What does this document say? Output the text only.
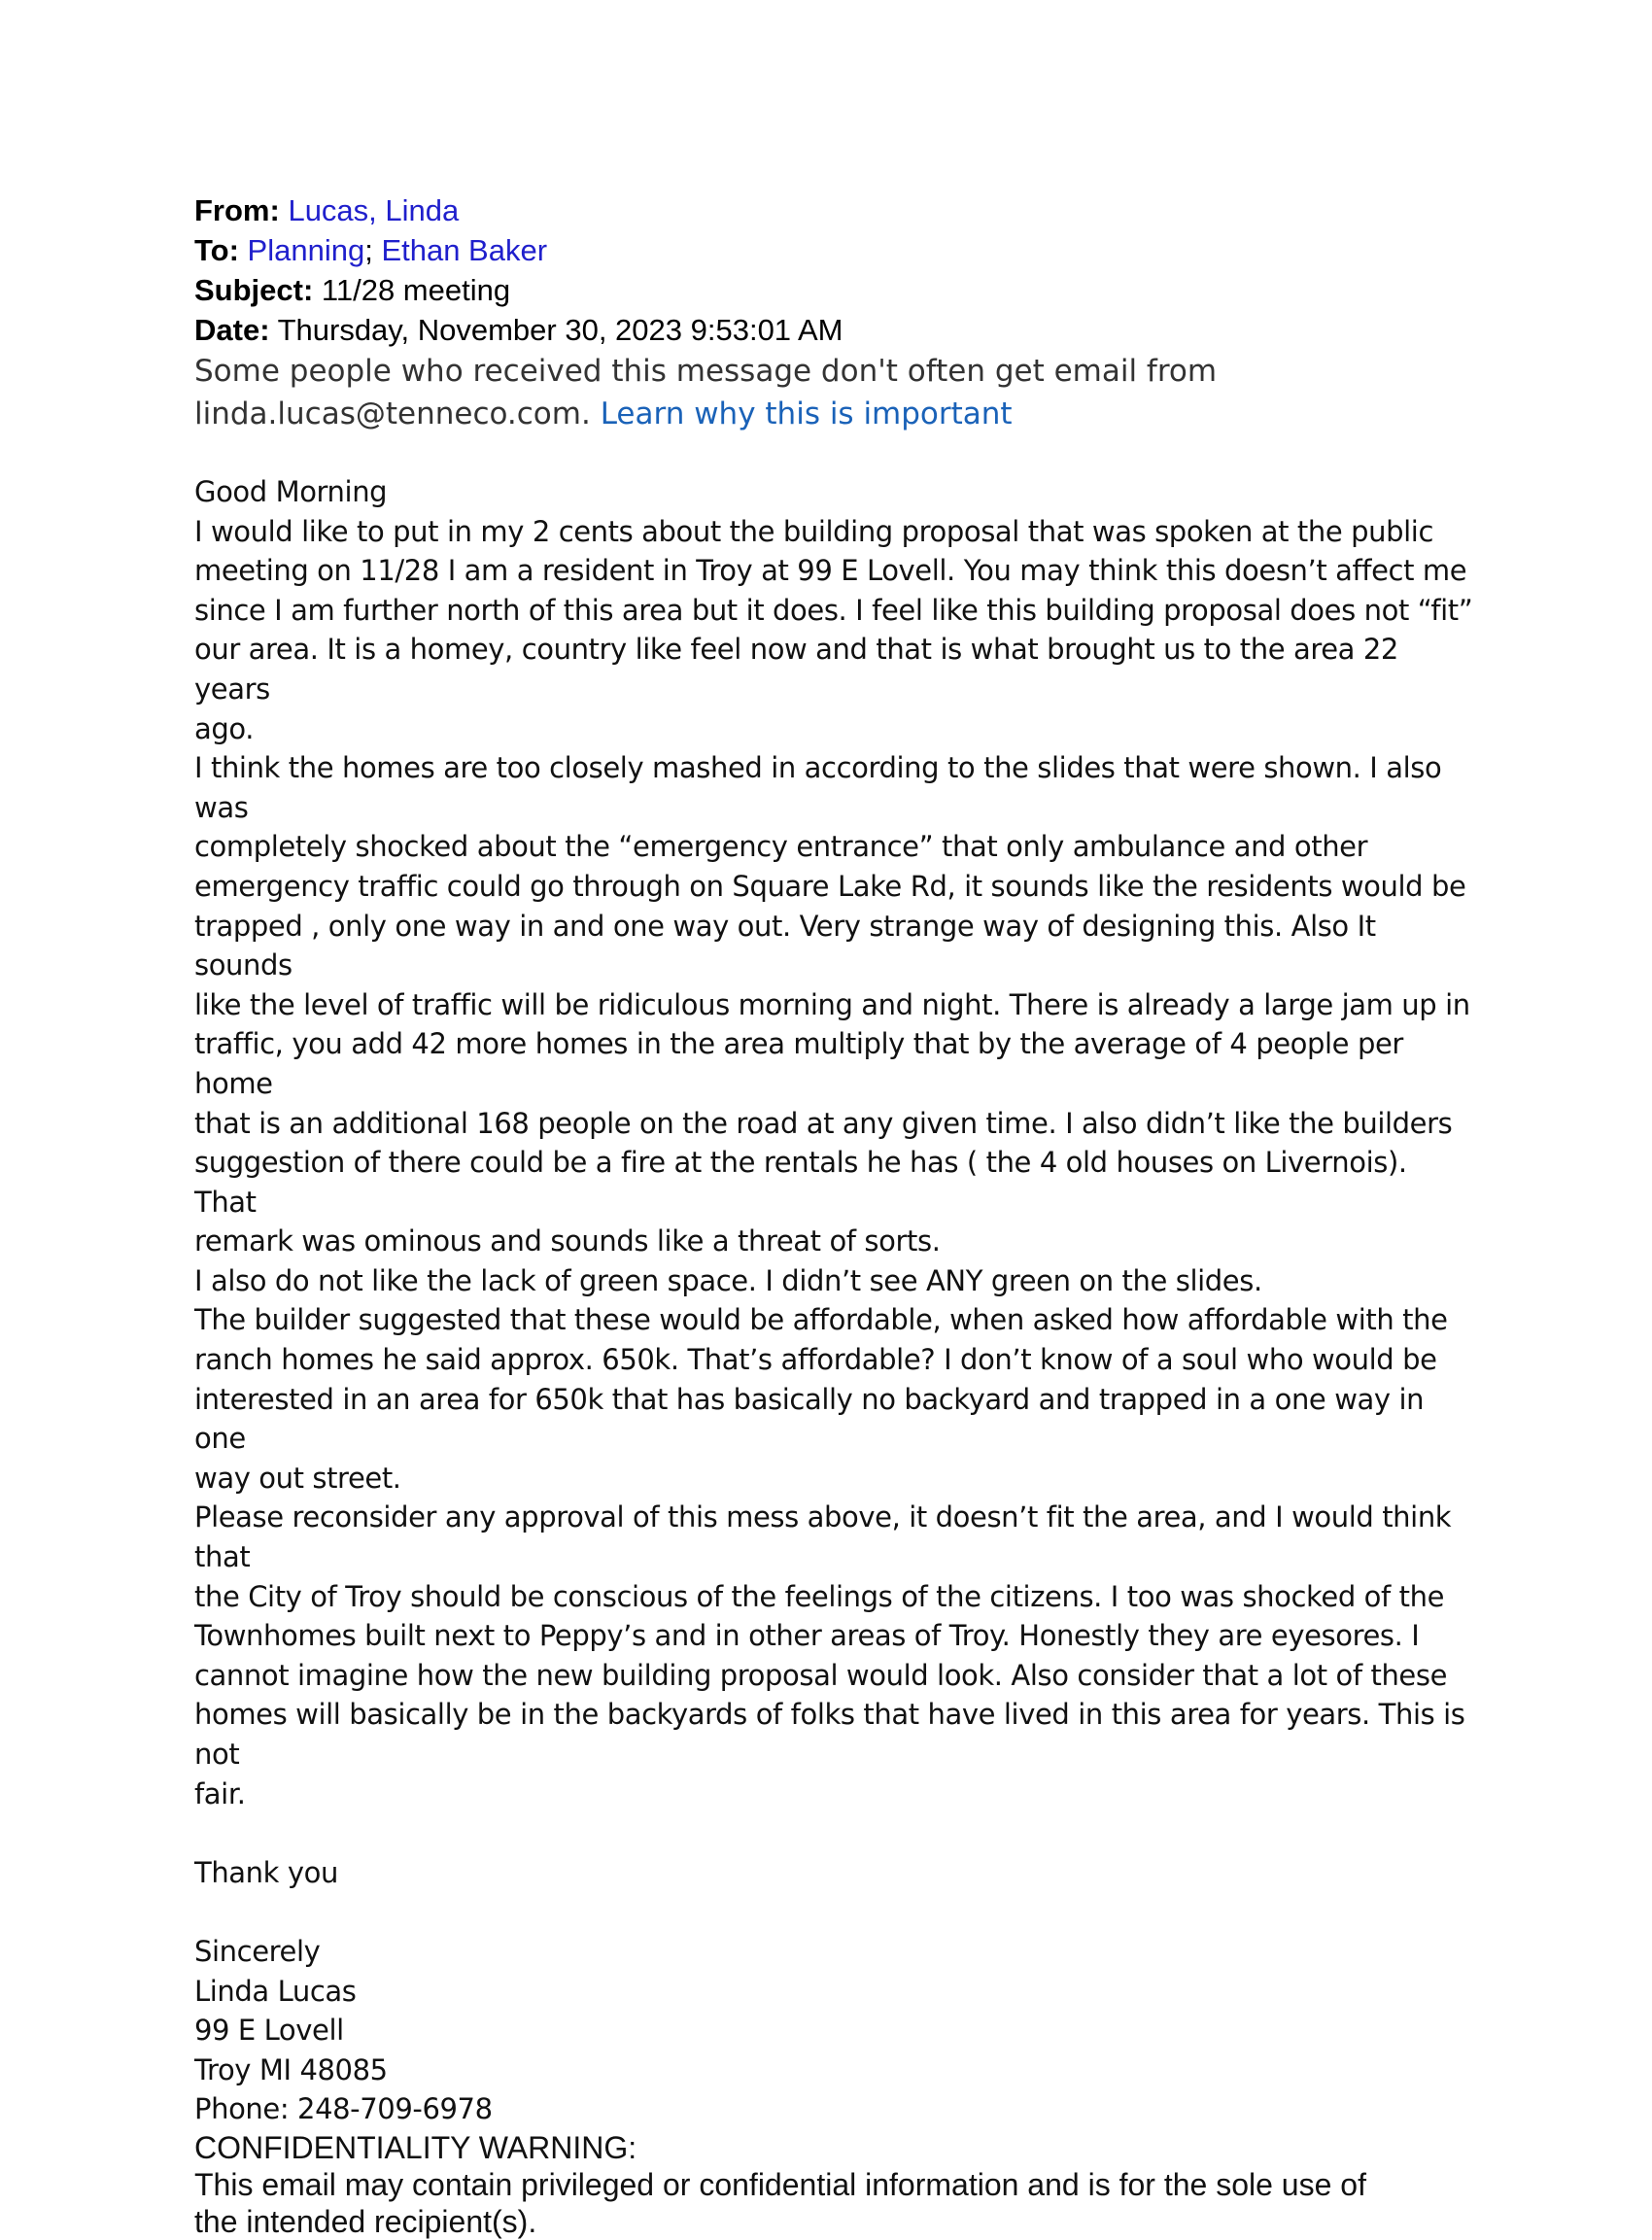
From: Lucas, Linda
To: Planning; Ethan Baker
Subject: 11/28 meeting
Date: Thursday, November 30, 2023 9:53:01 AM
Some people who received this message don't often get email from
linda.lucas@tenneco.com. Learn why this is important

Good Morning

I would like to put in my 2 cents about the building proposal that was spoken at the public

meeting on 11/28 I am a resident in Troy at 99 E Lovell. You may think this doesn’t affect me

since I am further north of this area but it does. I feel like this building proposal does not “fit”

our area. It is a homey, country like feel now and that is what brought us to the area 22 years

ago.

I think the homes are too closely mashed in according to the slides that were shown. I also was

completely shocked about the “emergency entrance” that only ambulance and other

emergency traffic could go through on Square Lake Rd, it sounds like the residents would be

trapped , only one way in and one way out. Very strange way of designing this. Also It sounds

like the level of traffic will be ridiculous morning and night. There is already a large jam up in

traffic, you add 42 more homes in the area multiply that by the average of 4 people per home

that is an additional 168 people on the road at any given time. I also didn’t like the builders

suggestion of there could be a fire at the rentals he has ( the 4 old houses on Livernois). That

remark was ominous and sounds like a threat of sorts.

I also do not like the lack of green space. I didn’t see ANY green on the slides.

The builder suggested that these would be affordable, when asked how affordable with the

ranch homes he said approx. 650k. That’s affordable? I don’t know of a soul who would be

interested in an area for 650k that has basically no backyard and trapped in a one way in one

way out street.

Please reconsider any approval of this mess above, it doesn’t fit the area, and I would think that

the City of Troy should be conscious of the feelings of the citizens. I too was shocked of the

Townhomes built next to Peppy’s and in other areas of Troy. Honestly they are eyesores. I

cannot imagine how the new building proposal would look. Also consider that a lot of these

homes will basically be in the backyards of folks that have lived in this area for years. This is not

fair.

Thank you

Sincerely

Linda Lucas

99 E Lovell

Troy MI 48085

Phone: 248-709-6978

CONFIDENTIALITY WARNING:
This email may contain privileged or confidential information and is for the sole use of
the intended recipient(s).
